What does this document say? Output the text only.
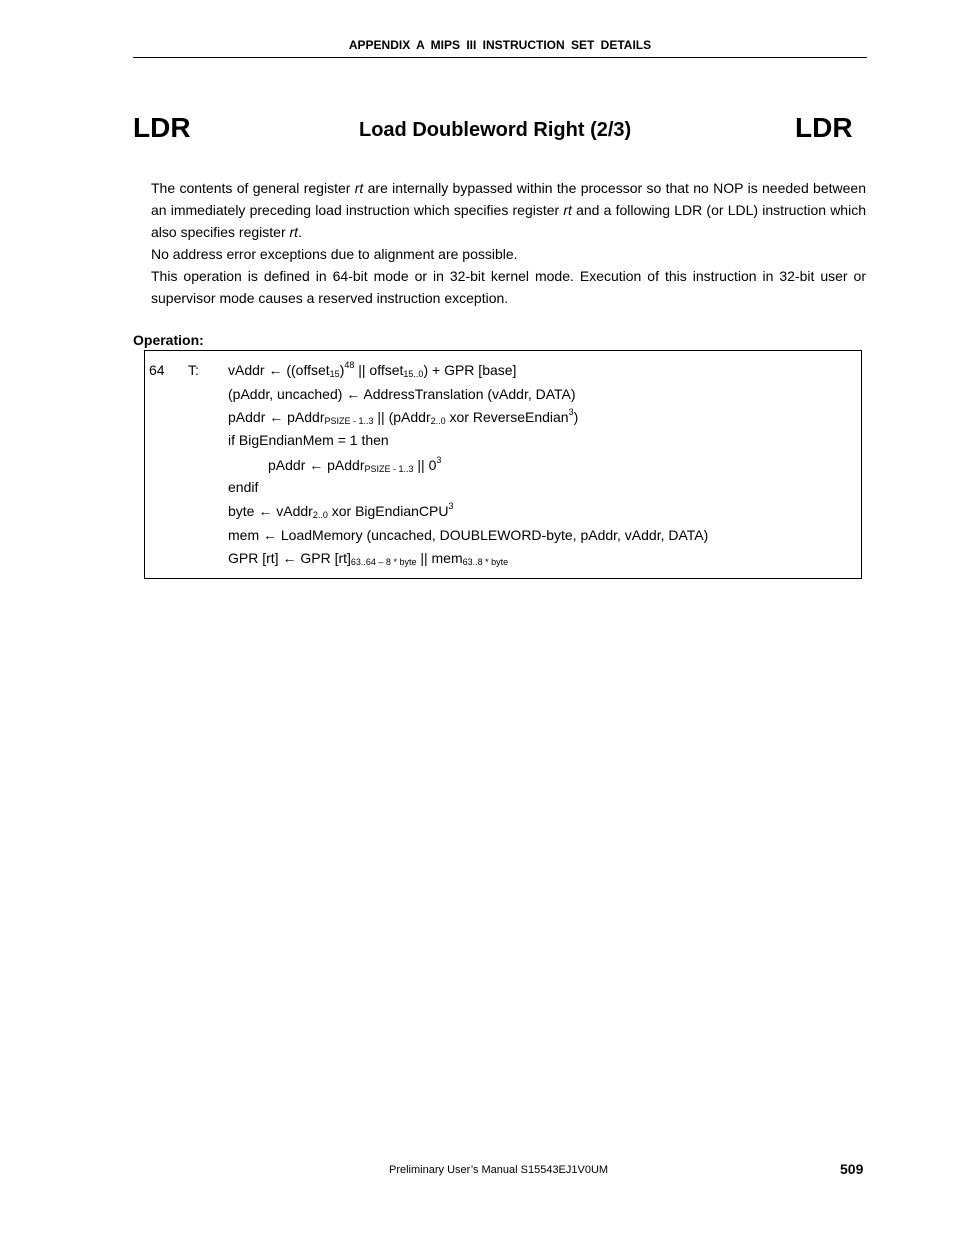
APPENDIX A MIPS III INSTRUCTION SET DETAILS
LDR	Load Doubleword Right (2/3)	LDR

The contents of general register rt are internally bypassed within the processor so that no NOP is needed between an immediately preceding load instruction which specifies register rt and a following LDR (or LDL) instruction which also specifies register rt.

No address error exceptions due to alignment are possible.

This operation is defined in 64-bit mode or in 32-bit kernel mode. Execution of this instruction in 32-bit user or supervisor mode causes a reserved instruction exception.

Operation:
64 T: vAddr ← ((offset$_{15}$)$^{48}$ || offset$_{15..0}$) + GPR [base]
(pAddr, uncached) ← AddressTranslation (vAddr, DATA)
pAddr ← pAddr$_{PSIZE - 1..3}$ || (pAddr$_{2..0}$ xor ReverseEndian$^3$)
if BigEndianMem = 1 then
pAddr ← pAddr$_{PSIZE - 1..3}$ || $0^3$
endif
byte ← vAddr$_{2..0}$ xor BigEndianCPU$^3$
mem ← LoadMemory (uncached, DOUBLEWORD-byte, pAddr, vAddr, DATA)
GPR [rt] ← GPR $[rt]_{63..64 - 8 * byte}$ || mem$_{63..8 * byte}$
Preliminary User’s Manual S15543EJ1V0UM	509
